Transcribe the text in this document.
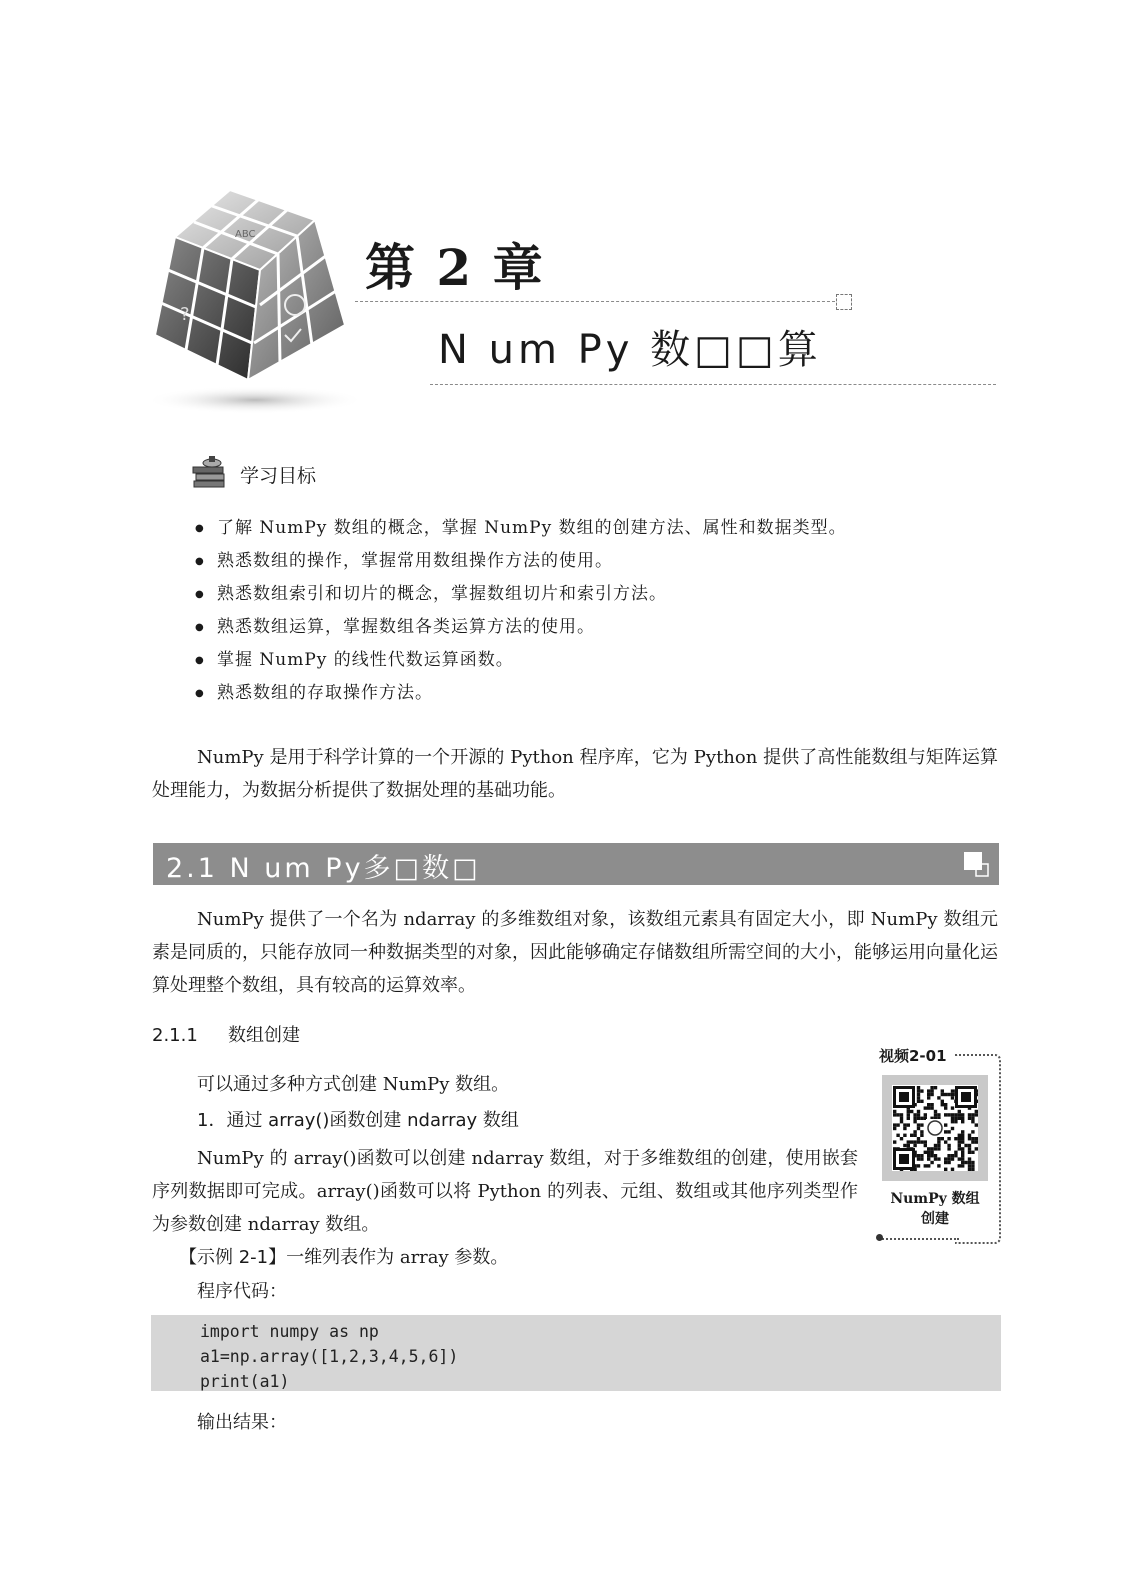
?
ABC
第 2 章
N um Py 数□□算
学习目标
● 了解 NumPy 数组的概念，掌握 NumPy 数组的创建方法、属性和数据类型。
● 熟悉数组的操作，掌握常用数组操作方法的使用。
● 熟悉数组索引和切片的概念，掌握数组切片和索引方法。
● 熟悉数组运算，掌握数组各类运算方法的使用。
● 掌握 NumPy 的线性代数运算函数。
● 熟悉数组的存取操作方法。
NumPy 是用于科学计算的一个开源的 Python 程序库，它为 Python 提供了高性能数组与矩阵运算处理能力，为数据分析提供了数据处理的基础功能。
2.1 N um Py多□数□
NumPy 提供了一个名为 ndarray 的多维数组对象，该数组元素具有固定大小，即 NumPy 数组元素是同质的，只能存放同一种数据类型的对象，因此能够确定存储数组所需空间的大小，能够运用向量化运算处理整个数组，具有较高的运算效率。
2.1.1 数组创建
可以通过多种方式创建 NumPy 数组。
1．通过 array()函数创建 ndarray 数组
NumPy 的 array()函数可以创建 ndarray 数组，对于多维数组的创建，使用嵌套序列数据即可完成。array()函数可以将 Python 的列表、元组、数组或其他序列类型作为参数创建 ndarray 数组。
【示例 2-1】一维列表作为 array 参数。
程序代码：
视频2-01
NumPy 数组
创建
import numpy as np
a1=np.array([1,2,3,4,5,6])
print(a1)
输出结果：
